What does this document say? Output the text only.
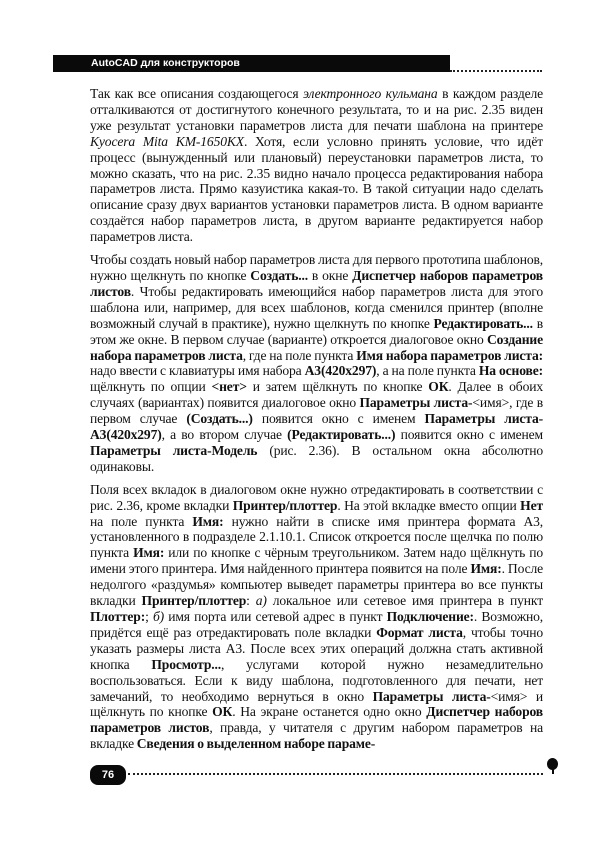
AutoCAD для конструкторов

Так как все описания создающегося электронного кульмана в каждом разделе отталкиваются от достигнутого конечного результата, то и на рис. 2.35 виден уже результат установки параметров листа для печати шаблона на принтере Kyocera Mita KM-1650KX. Хотя, если условно принять условие, что идёт процесс (вынужденный или плановый) переустановки параметров листа, то можно сказать, что на рис. 2.35 видно начало процесса редактирования набора параметров листа. Прямо казуистика какая-то. В такой ситуации надо сделать описание сразу двух вариантов установки параметров листа. В одном варианте создаётся набор параметров листа, в другом варианте редактируется набор параметров листа.

Чтобы создать новый набор параметров листа для первого прототипа шаблонов, нужно щелкнуть по кнопке Создать... в окне Диспетчер наборов параметров листов. Чтобы редактировать имеющийся набор параметров листа для этого шаблона или, например, для всех шаблонов, когда сменился принтер (вполне возможный случай в практике), нужно щелкнуть по кнопке Редактировать... в этом же окне. В первом случае (варианте) откроется диалоговое окно Создание набора параметров листа, где на поле пункта Имя набора параметров листа: надо ввести с клавиатуры имя набора А3(420x297), а на поле пункта На основе: щёлкнуть по опции <нет> и затем щёлкнуть по кнопке ОК. Далее в обоих случаях (вариантах) появится диалоговое окно Параметры листа-<имя>, где в первом случае (Создать...) появится окно с именем Параметры листа-А3(420x297), а во втором случае (Редактировать...) появится окно с именем Параметры листа-Модель (рис. 2.36). В остальном окна абсолютно одинаковы.

Поля всех вкладок в диалоговом окне нужно отредактировать в соответствии с рис. 2.36, кроме вкладки Принтер/плоттер. На этой вкладке вместо опции Нет на поле пункта Имя: нужно найти в списке имя принтера формата А3, установленного в подразделе 2.1.10.1. Список откроется после щелчка по полю пункта Имя: или по кнопке с чёрным треугольником. Затем надо щёлкнуть по имени этого принтера. Имя найденного принтера появится на поле Имя:. После недолгого «раздумья» компьютер выведет параметры принтера во все пункты вкладки Принтер/плоттер: а) локальное или сетевое имя принтера в пункт Плоттер:; б) имя порта или сетевой адрес в пункт Подключение:. Возможно, придётся ещё раз отредактировать поле вкладки Формат листа, чтобы точно указать размеры листа А3. После всех этих операций должна стать активной кнопка Просмотр..., услугами которой нужно незамедлительно воспользоваться. Если к виду шаблона, подготовленного для печати, нет замечаний, то необходимо вернуться в окно Параметры листа-<имя> и щёлкнуть по кнопке ОК. На экране останется одно окно Диспетчер наборов параметров листов, правда, у читателя с другим набором параметров на вкладке Сведения о выделенном наборе параме-

76
